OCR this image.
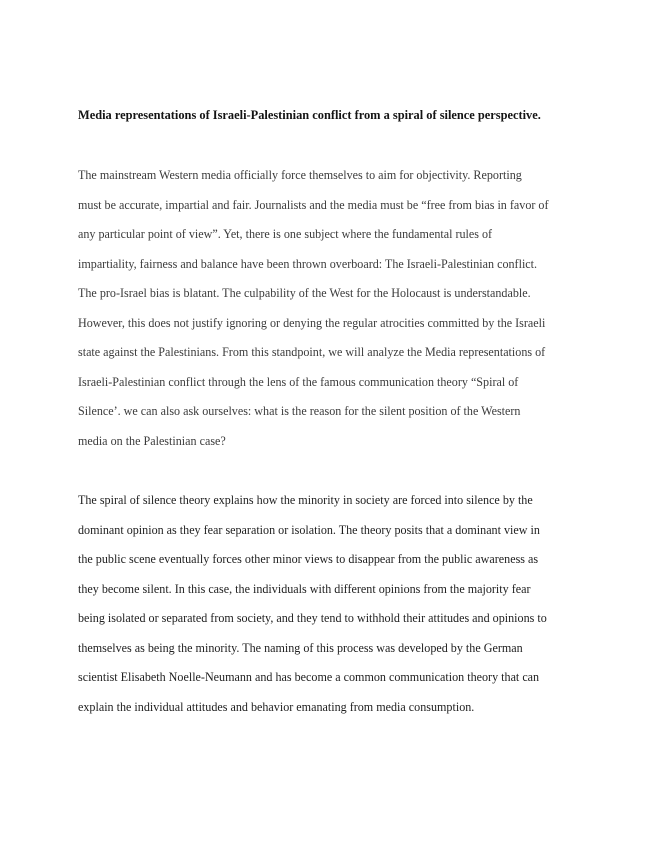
Media representations of Israeli-Palestinian conflict from a spiral of silence perspective.

The mainstream Western media officially force themselves to aim for objectivity. Reporting
must be accurate, impartial and fair. Journalists and the media must be “free from bias in favor of
any particular point of view”. Yet, there is one subject where the fundamental rules of
impartiality, fairness and balance have been thrown overboard: The Israeli-Palestinian conflict.
The pro-Israel bias is blatant. The culpability of the West for the Holocaust is understandable.
However, this does not justify ignoring or denying the regular atrocities committed by the Israeli
state against the Palestinians. From this standpoint, we will analyze the Media representations of
Israeli-Palestinian conflict through the lens of the famous communication theory “Spiral of
Silence’. we can also ask ourselves: what is the reason for the silent position of the Western
media on the Palestinian case?

The spiral of silence theory explains how the minority in society are forced into silence by the
dominant opinion as they fear separation or isolation. The theory posits that a dominant view in
the public scene eventually forces other minor views to disappear from the public awareness as
they become silent. In this case, the individuals with different opinions from the majority fear
being isolated or separated from society, and they tend to withhold their attitudes and opinions to
themselves as being the minority. The naming of this process was developed by the German
scientist Elisabeth Noelle-Neumann and has become a common communication theory that can
explain the individual attitudes and behavior emanating from media consumption.
